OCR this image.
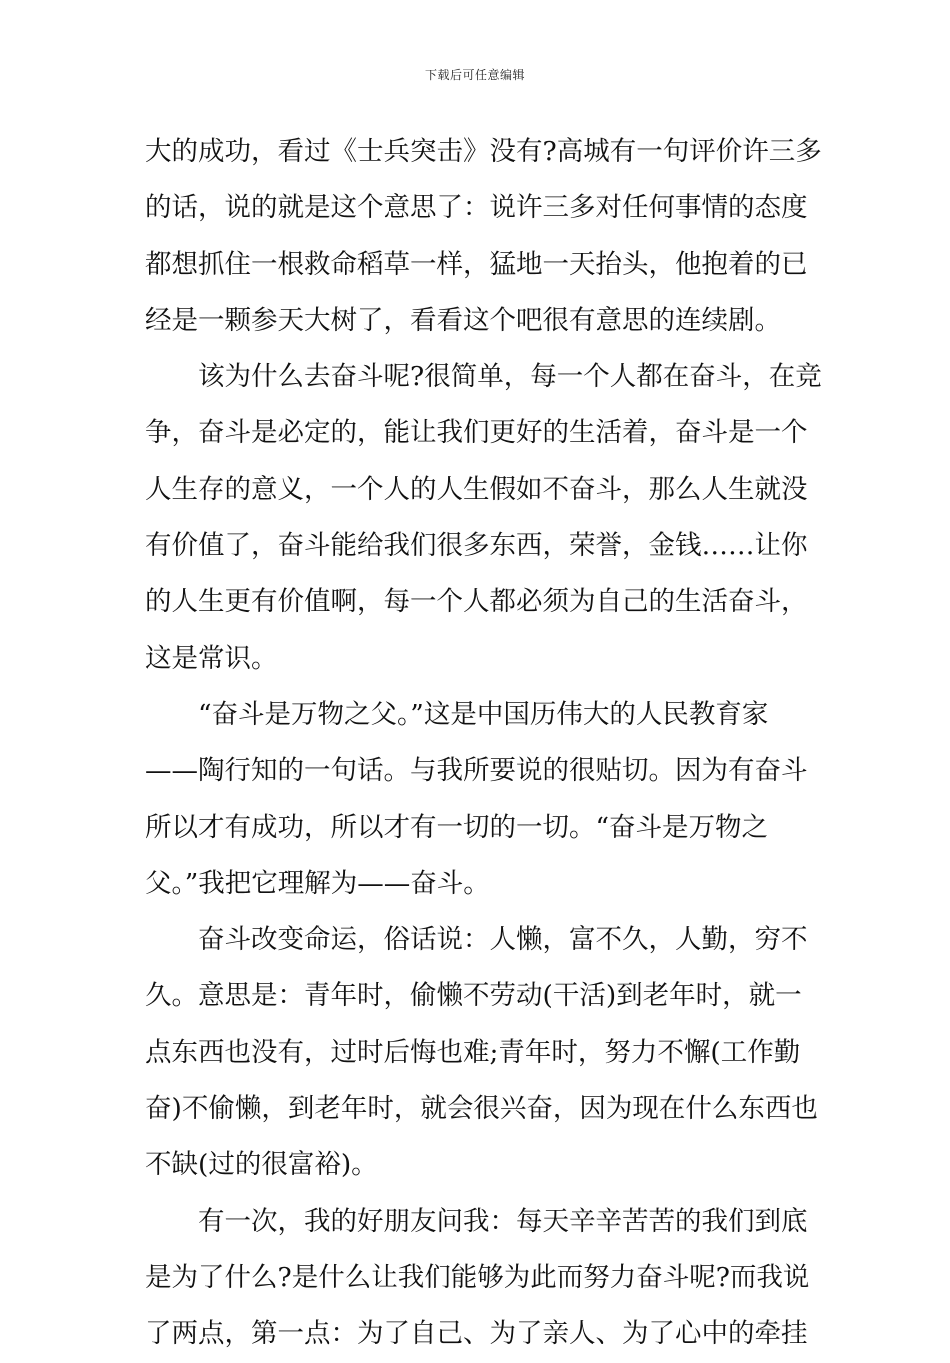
下载后可任意编辑
大的成功，看过《士兵突击》没有?高城有一句评价许三多
的话，说的就是这个意思了：说许三多对任何事情的态度
都想抓住一根救命稻草一样，猛地一天抬头，他抱着的已
经是一颗参天大树了，看看这个吧很有意思的连续剧。
该为什么去奋斗呢?很简单，每一个人都在奋斗，在竞
争，奋斗是必定的，能让我们更好的生活着，奋斗是一个
人生存的意义，一个人的人生假如不奋斗，那么人生就没
有价值了，奋斗能给我们很多东西，荣誉，金钱……让你
的人生更有价值啊，每一个人都必须为自己的生活奋斗，
这是常识。
“奋斗是万物之父。”这是中国历伟大的人民教育家
——陶行知的一句话。与我所要说的很贴切。因为有奋斗
所以才有成功，所以才有一切的一切。“奋斗是万物之
父。”我把它理解为——奋斗。
奋斗改变命运，俗话说：人懒，富不久，人勤，穷不
久。意思是：青年时，偷懒不劳动(干活)到老年时，就一
点东西也没有，过时后悔也难;青年时，努力不懈(工作勤
奋)不偷懒，到老年时，就会很兴奋，因为现在什么东西也
不缺(过的很富裕)。
有一次，我的好朋友问我：每天辛辛苦苦的我们到底
是为了什么?是什么让我们能够为此而努力奋斗呢?而我说
了两点，第一点：为了自己、为了亲人、为了心中的牵挂
